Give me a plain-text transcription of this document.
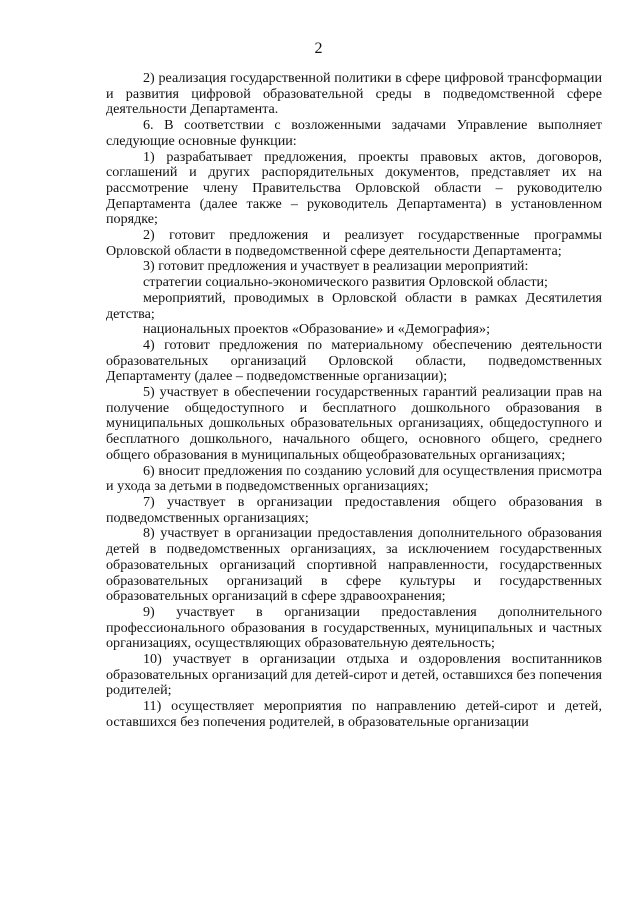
2

2) реализация государственной политики в сфере цифровой трансформации и развития цифровой образовательной среды в подведомственной сфере деятельности Департамента.

6. В соответствии с возложенными задачами Управление выполняет следующие основные функции:

1) разрабатывает предложения, проекты правовых актов, договоров, соглашений и других распорядительных документов, представляет их на рассмотрение члену Правительства Орловской области – руководителю Департамента (далее также – руководитель Департамента) в установленном порядке;

2) готовит предложения и реализует государственные программы Орловской области в подведомственной сфере деятельности Департамента;

3) готовит предложения и участвует в реализации мероприятий:

стратегии социально-экономического развития Орловской области;

мероприятий, проводимых в Орловской области в рамках Десятилетия детства;

национальных проектов «Образование» и «Демография»;

4) готовит предложения по материальному обеспечению деятельности образовательных организаций Орловской области, подведомственных Департаменту (далее – подведомственные организации);

5) участвует в обеспечении государственных гарантий реализации прав на получение общедоступного и бесплатного дошкольного образования в муниципальных дошкольных образовательных организациях, общедоступного и бесплатного дошкольного, начального общего, основного общего, среднего общего образования в муниципальных общеобразовательных организациях;

6) вносит предложения по созданию условий для осуществления присмотра и ухода за детьми в подведомственных организациях;

7) участвует в организации предоставления общего образования в подведомственных организациях;

8) участвует в организации предоставления дополнительного образования детей в подведомственных организациях, за исключением государственных образовательных организаций спортивной направленности, государственных образовательных организаций в сфере культуры и государственных образовательных организаций в сфере здравоохранения;

9) участвует в организации предоставления дополнительного профессионального образования в государственных, муниципальных и частных организациях, осуществляющих образовательную деятельность;

10) участвует в организации отдыха и оздоровления воспитанников образовательных организаций для детей-сирот и детей, оставшихся без попечения родителей;

11) осуществляет мероприятия по направлению детей-сирот и детей, оставшихся без попечения родителей, в образовательные организации
